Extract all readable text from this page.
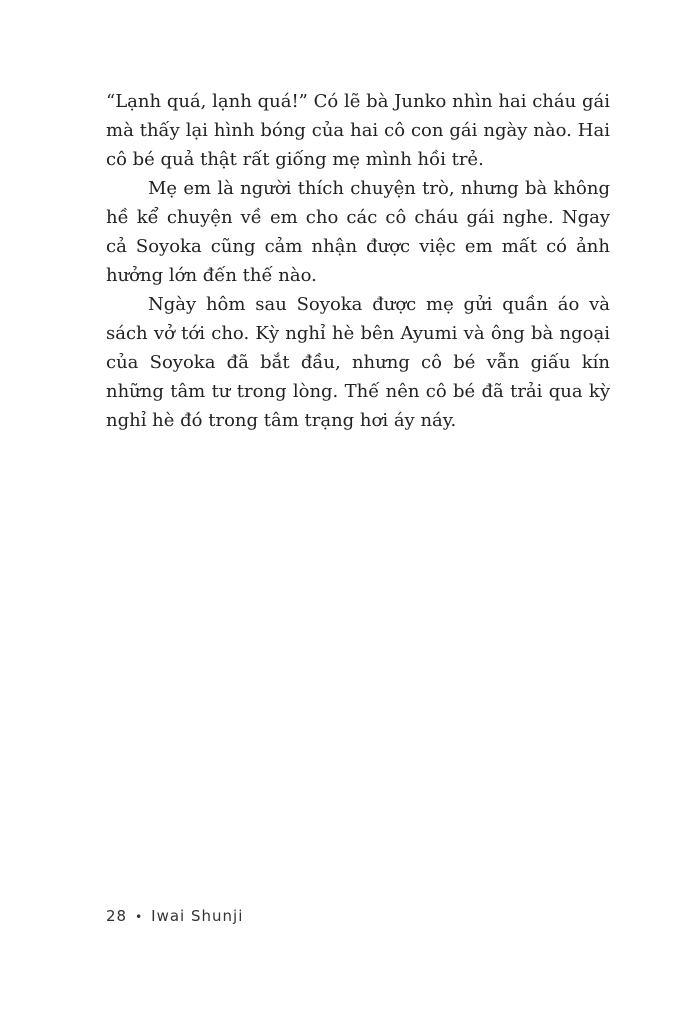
“Lạnh quá, lạnh quá!” Có lẽ bà Junko nhìn hai cháu gái mà thấy lại hình bóng của hai cô con gái ngày nào. Hai cô bé quả thật rất giống mẹ mình hồi trẻ.

Mẹ em là người thích chuyện trò, nhưng bà không hề kể chuyện về em cho các cô cháu gái nghe. Ngay cả Soyoka cũng cảm nhận được việc em mất có ảnh hưởng lớn đến thế nào.

Ngày hôm sau Soyoka được mẹ gửi quần áo và sách vở tới cho. Kỳ nghỉ hè bên Ayumi và ông bà ngoại của Soyoka đã bắt đầu, nhưng cô bé vẫn giấu kín những tâm tư trong lòng. Thế nên cô bé đã trải qua kỳ nghỉ hè đó trong tâm trạng hơi áy náy.

28 • Iwai Shunji
